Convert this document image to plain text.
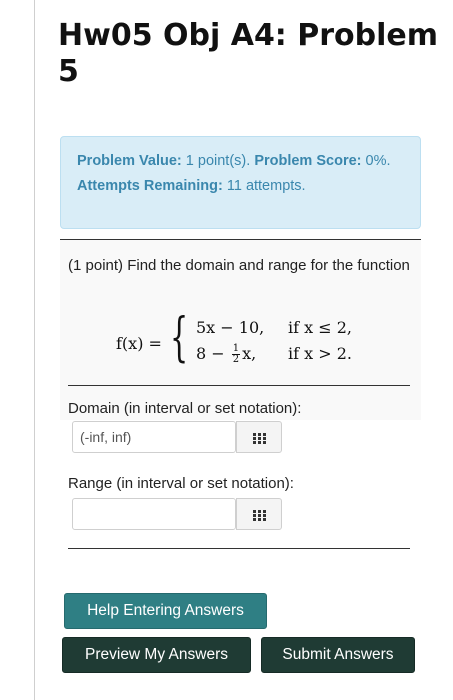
Hw05 Obj A4: Problem 5
Problem Value: 1 point(s). Problem Score: 0%. Attempts Remaining: 11 attempts.
(1 point) Find the domain and range for the function
f(x) = { 5x − 10, if x ≤ 2,
$8 - \frac{1}{2} x$, if x > 2.
Domain (in interval or set notation):
(-inf, inf)
Range (in interval or set notation):
Help Entering Answers
Preview My Answers	Submit Answers
